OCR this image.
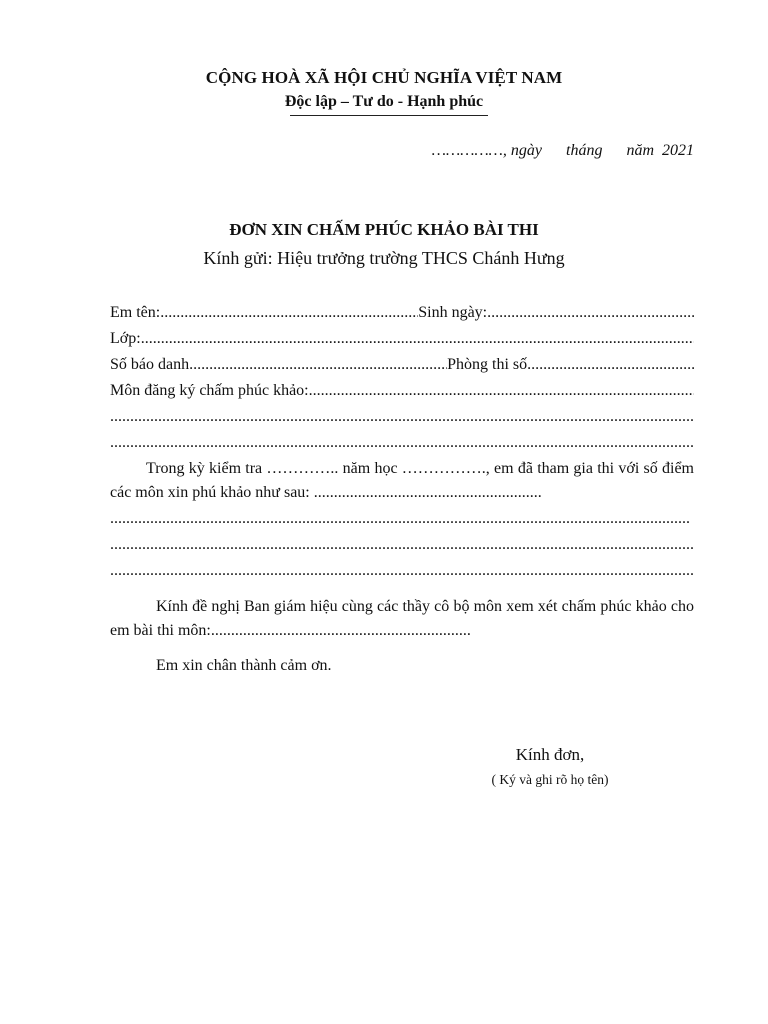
CỘNG HOÀ XÃ HỘI CHỦ NGHĨA VIỆT NAM
Độc lập – Tư do - Hạnh phúc
……………, ngày      tháng      năm  2021
ĐƠN XIN CHẤM PHÚC KHẢO BÀI THI
Kính gửi: Hiệu trưởng trường THCS Chánh Hưng
Em tên: .....	Sinh ngày:
.....
Lớp:
.....
Số báo danh .....	Phòng thi số
.....
Môn đăng ký chấm phúc khảo:
.....
.....
.....
Trong kỳ kiểm tra ………….. năm học ……………., em đã tham gia thi với số điểm các môn xin phú khảo như sau: .........................................................
.....
.....
.....
Kính đề nghị Ban giám hiệu cùng các thầy cô bộ môn xem xét chấm phúc khảo cho em bài thi môn:.................................................................
Em xin chân thành cảm ơn.
Kính đơn,
( Ký và ghi rõ họ tên)
